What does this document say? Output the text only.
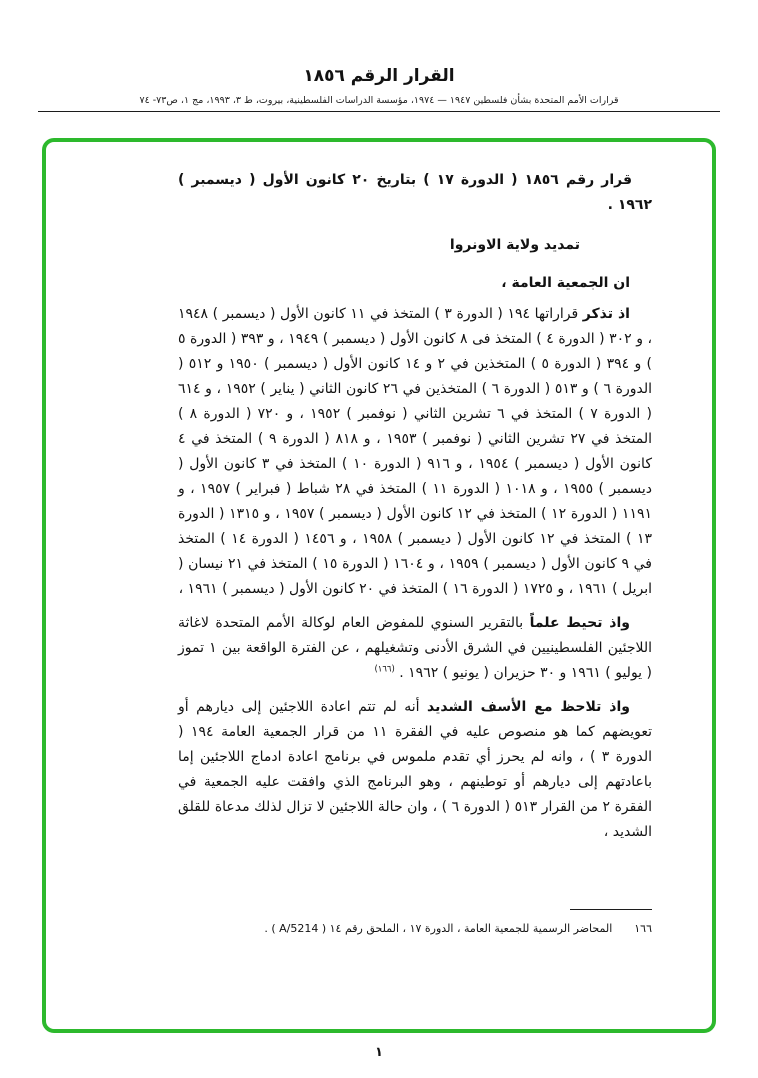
القرار الرقم ١٨٥٦
قرارات الأمم المتحدة بشأن فلسطين ١٩٤٧ — ١٩٧٤، مؤسسة الدراسات الفلسطينية، بيروت، ط ٣، ١٩٩٣، مج ١، ص٧٣- ٧٤

قرار رقم ١٨٥٦ ( الدورة ١٧ ) بتاريخ ٢٠ كانون الأول ( ديسمبر ) ١٩٦٢ .

تمديد ولاية الاونروا

ان الجمعية العامة ،

اذ تذكر قراراتها ١٩٤ ( الدورة ٣ ) المتخذ في ١١ كانون الأول ( ديسمبر ) ١٩٤٨ ، و ٣٠٢ ( الدورة ٤ ) المتخذ فى ٨ كانون الأول ( ديسمبر ) ١٩٤٩ ، و ٣٩٣ ( الدورة ٥ ) و ٣٩٤ ( الدورة ٥ ) المتخذين في ٢ و ١٤ كانون الأول ( ديسمبر ) ١٩٥٠ و ٥١٢ ( الدورة ٦ ) و ٥١٣ ( الدورة ٦ ) المتخذين في ٢٦ كانون الثاني ( يناير ) ١٩٥٢ ، و ٦١٤ ( الدورة ٧ ) المتخذ في ٦ تشرين الثاني ( نوفمبر ) ١٩٥٢ ، و ٧٢٠ ( الدورة ٨ ) المتخذ في ٢٧ تشرين الثاني ( نوفمبر ) ١٩٥٣ ، و ٨١٨ ( الدورة ٩ ) المتخذ في ٤ كانون الأول ( ديسمبر ) ١٩٥٤ ، و ٩١٦ ( الدورة ١٠ ) المتخذ في ٣ كانون الأول ( ديسمبر ) ١٩٥٥ ، و ١٠١٨ ( الدورة ١١ ) المتخذ في ٢٨ شباط ( فبراير ) ١٩٥٧ ، و ١١٩١ ( الدورة ١٢ ) المتخذ في ١٢ كانون الأول ( ديسمبر ) ١٩٥٧ ، و ١٣١٥ ( الدورة ١٣ ) المتخذ في ١٢ كانون الأول ( ديسمبر ) ١٩٥٨ ، و ١٤٥٦ ( الدورة ١٤ ) المتخذ في ٩ كانون الأول ( ديسمبر ) ١٩٥٩ ، و ١٦٠٤ ( الدورة ١٥ ) المتخذ في ٢١ نيسان ( ابريل ) ١٩٦١ ، و ١٧٢٥ ( الدورة ١٦ ) المتخذ في ٢٠ كانون الأول ( ديسمبر ) ١٩٦١ ،

واذ تحيط علماً بالتقرير السنوي للمفوض العام لوكالة الأمم المتحدة لاغاثة اللاجئين الفلسطينيين في الشرق الأدنى وتشغيلهم ، عن الفترة الواقعة بين ١ تموز ( يوليو ) ١٩٦١ و ٣٠ حزيران ( يونيو ) ١٩٦٢ . $^{(١٦٦)}$

واذ تلاحظ مع الأسف الشديد أنه لم تتم اعادة اللاجئين إلى ديارهم أو تعويضهم كما هو منصوص عليه في الفقرة ١١ من قرار الجمعية العامة ١٩٤ ( الدورة ٣ ) ، وانه لم يحرز أي تقدم ملموس في برنامج اعادة ادماج اللاجئين إما باعادتهم إلى ديارهم أو توطينهم ، وهو البرنامج الذي وافقت عليه الجمعية في الفقرة ٢ من القرار ٥١٣ ( الدورة ٦ ) ، وان حالة اللاجئين لا تزال لذلك مدعاة للقلق الشديد ،

١٦٦المحاضر الرسمية للجمعية العامة ، الدورة ١٧ ، الملحق رقم ١٤ ( A/5214 ) .
١
